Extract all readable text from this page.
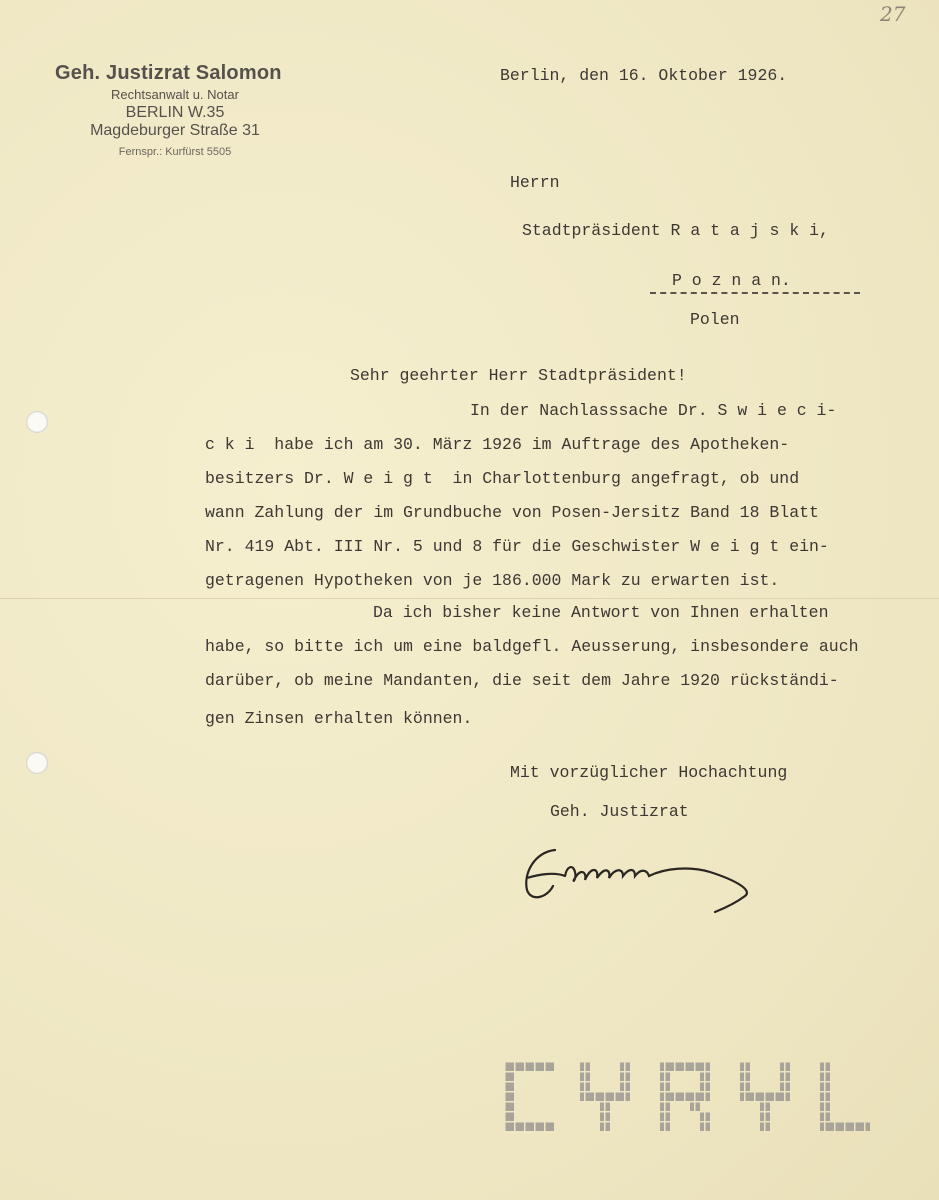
27
Geh. Justizrat Salomon
Rechtsanwalt u. Notar
BERLIN W.35
Magdeburger Straße 31
Fernspr.: Kurfürst 5505
Berlin, den 16. Oktober 1926.
Herrn
Stadtpräsident R a t a j s k i,
P o z n a n.
Polen
Sehr geehrter Herr Stadtpräsident!
In der Nachlasssache Dr. S w i e c i-
c k i  habe ich am 30. März 1926 im Auftrage des Apotheken-
besitzers Dr. W e i g t  in Charlottenburg angefragt, ob und
wann Zahlung der im Grundbuche von Posen-Jersitz Band 18 Blatt
Nr. 419 Abt. III Nr. 5 und 8 für die Geschwister W e i g t ein-
getragenen Hypotheken von je 186.000 Mark zu erwarten ist.
Da ich bisher keine Antwort von Ihnen erhalten
habe, so bitte ich um eine baldgefl. Aeusserung, insbesondere auch
darüber, ob meine Mandanten, die seit dem Jahre 1920 rückständi-
gen Zinsen erhalten können.
Mit vorzüglicher Hochachtung
Geh. Justizrat
